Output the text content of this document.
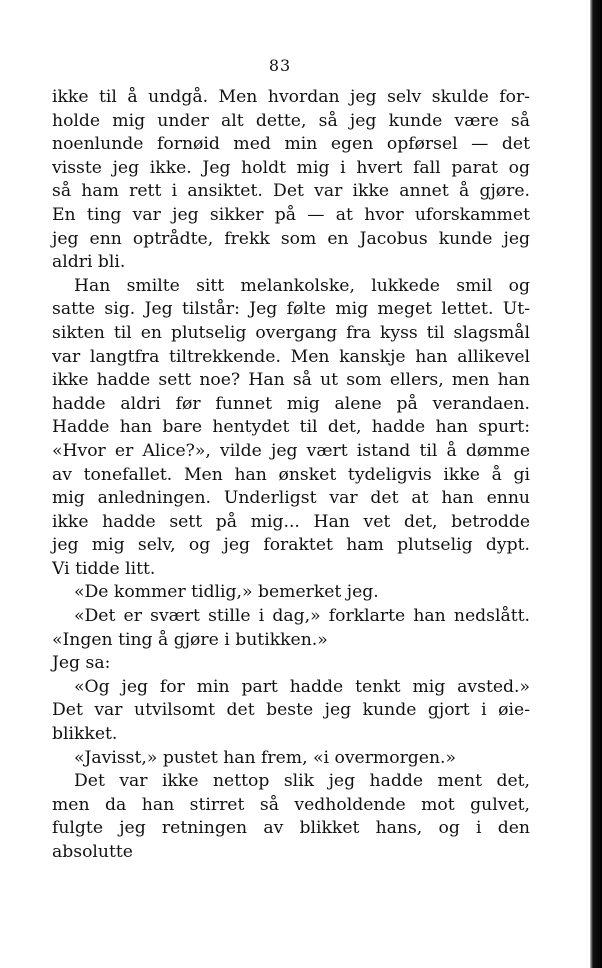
83
ikke til å undgå. Men hvordan jeg selv skulde for-
holde mig under alt dette, så jeg kunde være så
noenlunde fornøid med min egen opførsel — det
visste jeg ikke. Jeg holdt mig i hvert fall parat og
så ham rett i ansiktet. Det var ikke annet å gjøre.
En ting var jeg sikker på — at hvor uforskammet
jeg enn optrådte, frekk som en Jacobus kunde jeg
aldri bli.
Han smilte sitt melankolske, lukkede smil og
satte sig. Jeg tilstår: Jeg følte mig meget lettet. Ut-
sikten til en plutselig overgang fra kyss til slagsmål
var langtfra tiltrekkende. Men kanskje han allikevel
ikke hadde sett noe? Han så ut som ellers, men han
hadde aldri før funnet mig alene på verandaen.
Hadde han bare hentydet til det, hadde han spurt:
«Hvor er Alice?», vilde jeg vært istand til å dømme
av tonefallet. Men han ønsket tydeligvis ikke å gi
mig anledningen. Underligst var det at han ennu
ikke hadde sett på mig... Han vet det, betrodde
jeg mig selv, og jeg foraktet ham plutselig dypt.
Vi tidde litt.
«De kommer tidlig,» bemerket jeg.
«Det er svært stille i dag,» forklarte han nedslått.
«Ingen ting å gjøre i butikken.»
Jeg sa:
«Og jeg for min part hadde tenkt mig avsted.»
Det var utvilsomt det beste jeg kunde gjort i øie-
blikket.
«Javisst,» pustet han frem, «i overmorgen.»
Det var ikke nettop slik jeg hadde ment det,
men da han stirret så vedholdende mot gulvet,
fulgte jeg retningen av blikket hans, og i den absolutte
